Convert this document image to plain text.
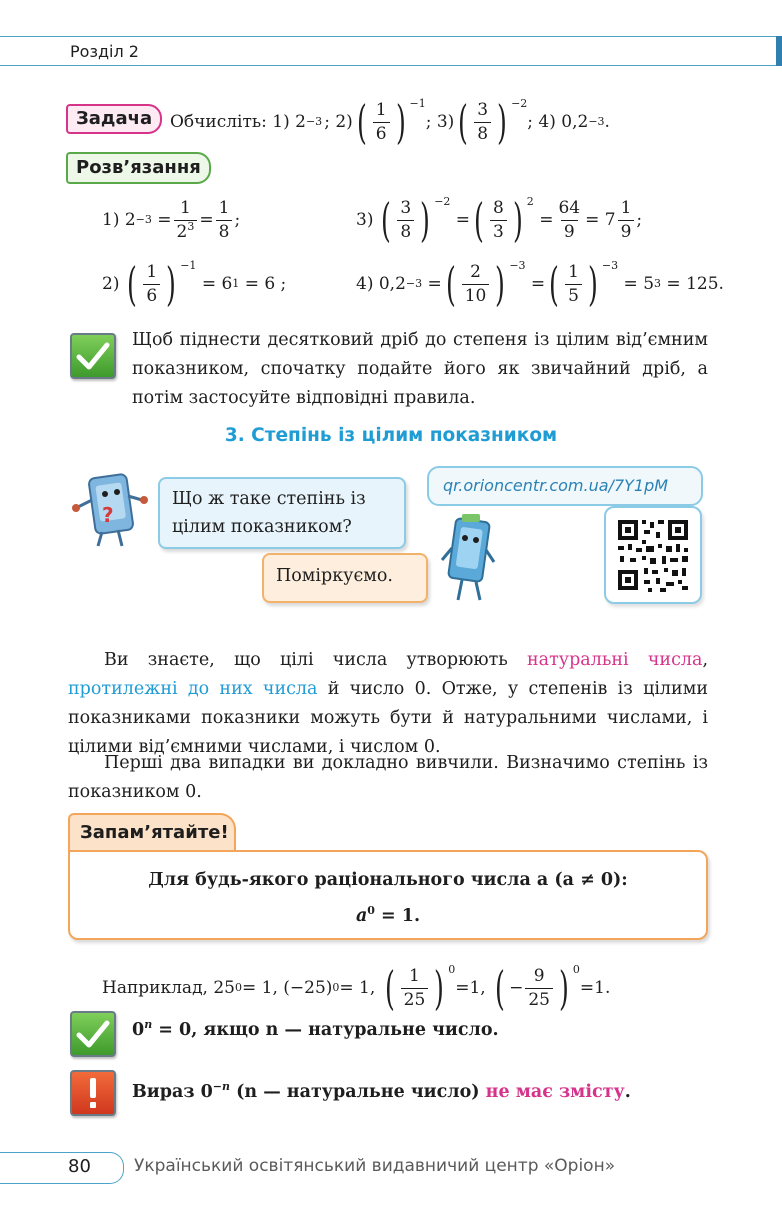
Розділ 2
Задача	Обчисліть: 1) 2 −3 ; 2) ( $\frac{1}{6}$ ) −1
; 3) ( $\frac{3}{8}$ ) −2
; 4) 0,2 −3 .
Розв’язання
1) $2 -3 = \frac{1}{2^3} = \frac{1}{8}$ ;
2) ( $\frac{1}{6}$ ) −1

= 6 1
= 6 ;
3) ( $\frac{3}{8}$ ) −2
= ( $\frac{8}{3}$ ) 2
= $\frac{64}{9} = 7 \frac{1}{9}$ ;
4) 0,2 −3 = ( $\frac{2}{10}$ ) −3
= ( $\frac{1}{5}$ ) −3

= 5 3
= 125.
Щоб піднести десятковий дріб до степеня із цілим від’ємним показником, спочатку подайте його як звичайний дріб, а потім застосуйте відповідні правила.
3. Степінь із цілим показником
?
Що ж таке степінь із цілим показником?
Поміркуємо.
qr.orioncentr.com.ua/7Y1pM
Ви знаєте, що цілі числа утворюють натуральні числа, протилежні до них числа й число 0. Отже, у степенів із цілими показниками показники можуть бути й натуральними числами, і цілими від’ємними числами, і числом 0.
Перші два випадки ви докладно вивчили. Визначимо степінь із показником 0.
Запам’ятайте!
Для будь-якого раціонального числа a (a ≠ 0):
$a^0 = 1$.
Наприклад, 25 0 = 1, (−25) 0 = 1,
( $\frac{1}{25}$ ) 0
=1,
( − $\frac{9}{25}$ ) 0
=1.
$0^n = 0$, якщо n — натуральне число.
Вираз $0^{-n}$ (n — натуральне число) не має змісту.
80	Український освітянський видавничий центр «Оріон»
